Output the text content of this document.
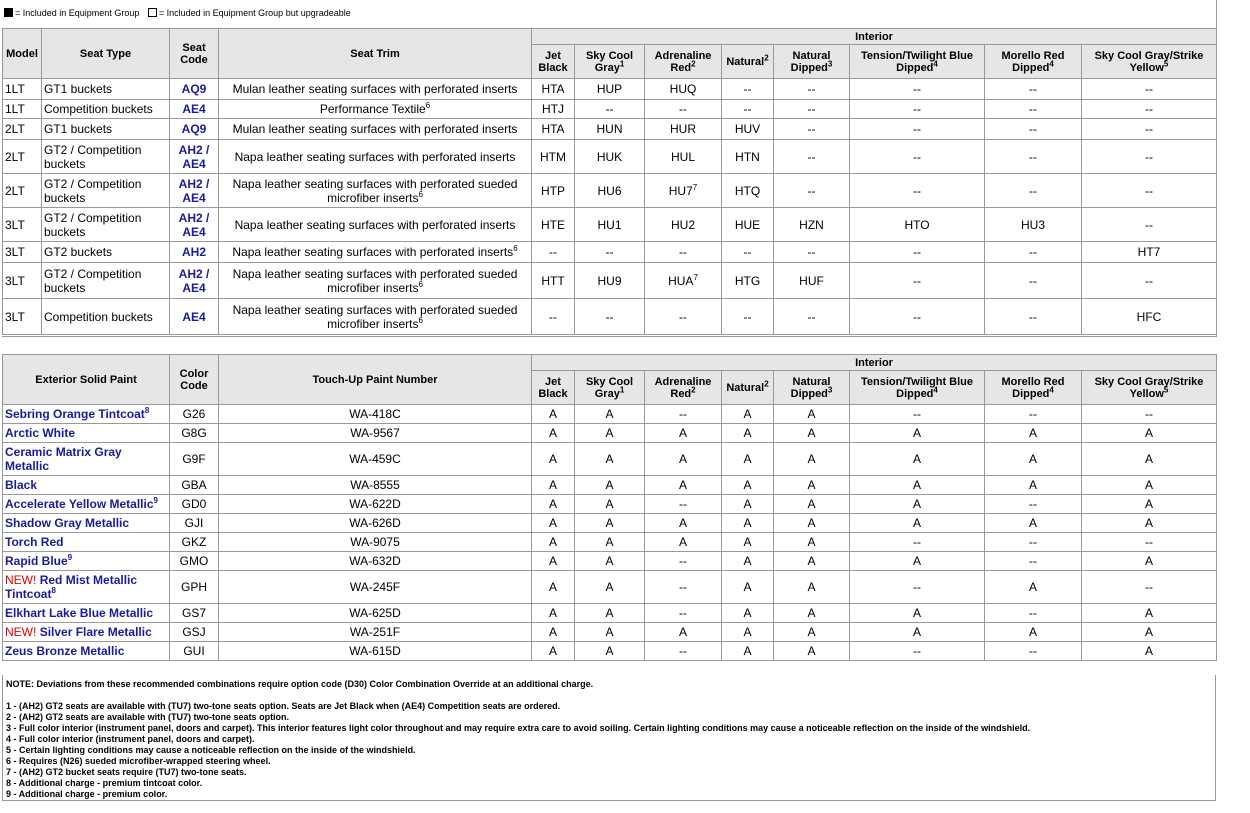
= Included in Equipment Group = Included in Equipment Group but upgradeable
Model	Seat Type	Seat Code	Seat Trim	Interior							
				Jet Black	Sky Cool Gray$^1$	Adrenaline Red$^2$	Natural$^2$	Natural Dipped$^3$	Tension/Twilight Blue Dipped$^4$	Morello Red Dipped$^4$	Sky Cool Gray/Strike Yellow$^5$
1LT	GT1 buckets	AQ9	Mulan leather seating surfaces with perforated inserts	HTA	HUP	HUQ	--	--	--	--	--
1LT	Competition buckets	AE4	Performance Textile$^6$	HTJ	--	--	--	--	--	--	--
2LT	GT1 buckets	AQ9	Mulan leather seating surfaces with perforated inserts	HTA	HUN	HUR	HUV	--	--	--	--
2LT	GT2 / Competition buckets	AH2 / AE4	Napa leather seating surfaces with perforated inserts	HTM	HUK	HUL	HTN	--	--	--	--
2LT	GT2 / Competition buckets	AH2 / AE4	Napa leather seating surfaces with perforated sueded microfiber inserts$^6$	HTP	HU6	$HU7^7$	HTQ	--	--	--	--
3LT	GT2 / Competition buckets	AH2 / AE4	Napa leather seating surfaces with perforated inserts	HTE	HU1	HU2	HUE	HZN	HTO	HU3	--
3LT	GT2 buckets	AH2	Napa leather seating surfaces with perforated inserts$^6$	--	--	--	--	--	--	--	HT7
3LT	GT2 / Competition buckets	AH2 / AE4	Napa leather seating surfaces with perforated sueded microfiber inserts$^6$	HTT	HU9	HUA$^7$	HTG	HUF	--	--	--
3LT	Competition buckets	AE4	Napa leather seating surfaces with perforated sueded microfiber inserts$^6$	--	--	--	--	--	--	--	HFC
Exterior Solid Paint	Color Code	Touch-Up Paint Number	Interior							
			Jet Black	Sky Cool Gray$^1$	Adrenaline Red$^2$	Natural$^2$	Natural Dipped$^3$	Tension/Twilight Blue Dipped$^4$	Morello Red Dipped$^4$	Sky Cool Gray/Strike Yellow$^5$
Sebring Orange Tintcoat$^8$	G26	WA-418C	A	A	--	A	A	--	--	--
Arctic White	G8G	WA-9567	A	A	A	A	A	A	A	A
Ceramic Matrix Gray Metallic	G9F	WA-459C	A	A	A	A	A	A	A	A
Black	GBA	WA-8555	A	A	A	A	A	A	A	A
Accelerate Yellow Metallic$^9$	GD0	WA-622D	A	A	--	A	A	A	--	A
Shadow Gray Metallic	GJI	WA-626D	A	A	A	A	A	A	A	A
Torch Red	GKZ	WA-9075	A	A	A	A	A	--	--	--
Rapid Blue$^9$	GMO	WA-632D	A	A	--	A	A	A	--	A
NEW! Red Mist Metallic Tintcoat$^8$	GPH	WA-245F	A	A	--	A	A	--	A	--
Elkhart Lake Blue Metallic	GS7	WA-625D	A	A	--	A	A	A	--	A
NEW! Silver Flare Metallic	GSJ	WA-251F	A	A	A	A	A	A	A	A
Zeus Bronze Metallic	GUI	WA-615D	A	A	--	A	A	--	--	A
NOTE: Deviations from these recommended combinations require option code (D30) Color Combination Override at an additional charge.
1 - (AH2) GT2 seats are available with (TU7) two-tone seats option. Seats are Jet Black when (AE4) Competition seats are ordered.
2 - (AH2) GT2 seats are available with (TU7) two-tone seats option.
3 - Full color interior (instrument panel, doors and carpet). This interior features light color throughout and may require extra care to avoid soiling. Certain lighting conditions may cause a noticeable reflection on the inside of the windshield.
4 - Full color interior (instrument panel, doors and carpet).
5 - Certain lighting conditions may cause a noticeable reflection on the inside of the windshield.
6 - Requires (N26) sueded microfiber-wrapped steering wheel.
7 - (AH2) GT2 bucket seats require (TU7) two-tone seats.
8 - Additional charge - premium tintcoat color.
9 - Additional charge - premium color.
